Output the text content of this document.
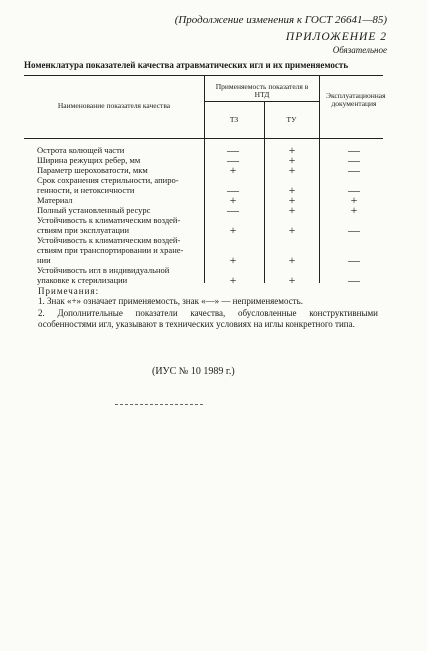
(Продолжение изменения к ГОСТ 26641—85)
ПРИЛОЖЕНИЕ 2
Обязательное
Номенклатура показателей качества атравматических игл и их применяемость
Наименование показателя качества
Применяемость показателя в НТД
ТЗ	ТУ
Эксплуатационная документация
Острота колющей части	—	+	—
Ширина режущих ребер, мм	—	+	—
Параметр шероховатости, мкм	+	+	—
Срок сохранения стерильности, апиро-
генности, и нетоксичности	—	+	—
Материал	+	+	+
Полный установленный ресурс	—	+	+
Устойчивость к климатическим воздей-
ствиям при эксплуатации	+	+	—
Устойчивость к климатическим воздей-
ствиям при транспортировании и хране-
нии	+	+	—
Устойчивость игл в индивидуальной
упаковке к стерилизации	+	+	—
Примечания:
1. Знак «+» означает применяемость, знак «—» — неприменяемость.
2. Дополнительные показатели качества, обусловленные конструктивными особенностями игл, указывают в технических условиях на иглы конкретного типа.
(ИУС № 10 1989 г.)
